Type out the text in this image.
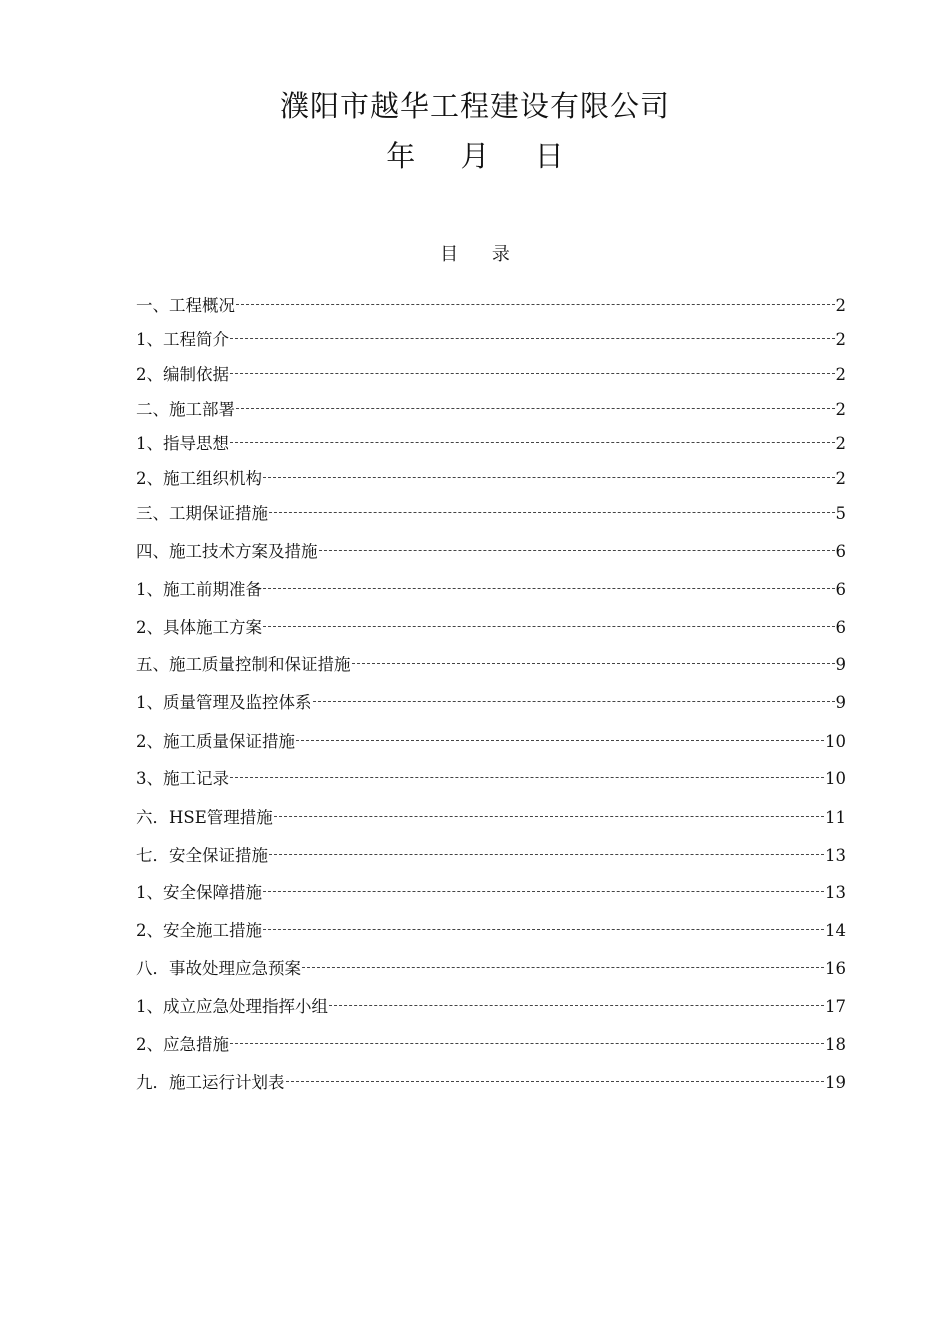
濮阳市越华工程建设有限公司
年 月 日
目 录
一、工程概况	2
1、工程简介	2
2、编制依据	2
二、施工部署	2
1、指导思想	2
2、施工组织机构	2
三、工期保证措施	5
四、施工技术方案及措施	6
1、施工前期准备	6
2、具体施工方案	6
五、施工质量控制和保证措施	9
1、质量管理及监控体系	9
2、施工质量保证措施	10
3、施工记录	10
六．HSE管理措施	11
七．安全保证措施	13
1、安全保障措施	13
2、安全施工措施	14
八．事故处理应急预案	16
1、成立应急处理指挥小组	17
2、应急措施	18
九．施工运行计划表	19
